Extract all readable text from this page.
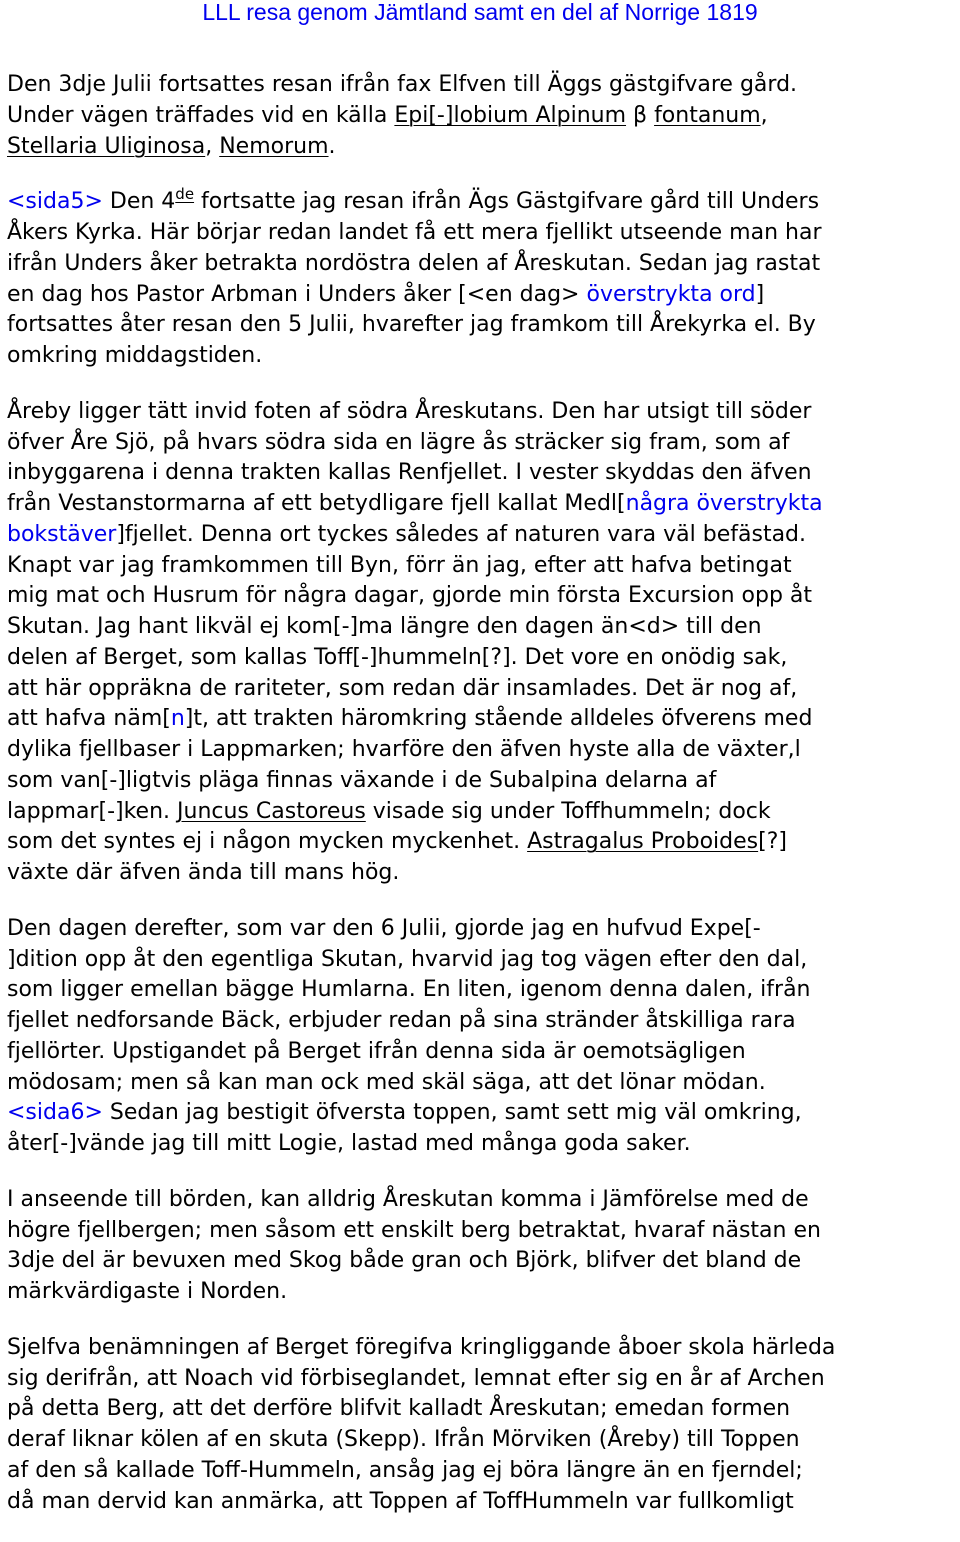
LLL resa genom Jämtland samt en del af Norrige 1819
Den 3dje Julii fortsattes resan ifrån fax Elfven till Äggs gästgifvare gård.
Under vägen träffades vid en källa Epi[-]lobium Alpinum β fontanum,
Stellaria Uliginosa, Nemorum.
<sida5> Den 4de fortsatte jag resan ifrån Ägs Gästgifvare gård till Unders
Åkers Kyrka. Här börjar redan landet få ett mera fjellikt utseende man har
ifrån Unders åker betrakta nordöstra delen af Åreskutan. Sedan jag rastat
en dag hos Pastor Arbman i Unders åker [<en dag> överstrykta ord]
fortsattes åter resan den 5 Julii, hvarefter jag framkom till Årekyrka el. By
omkring middagstiden.
Åreby ligger tätt invid foten af södra Åreskutans. Den har utsigt till söder
öfver Åre Sjö, på hvars södra sida en lägre ås sträcker sig fram, som af
inbyggarena i denna trakten kallas Renfjellet. I vester skyddas den äfven
från Vestanstormarna af ett betydligare fjell kallat Medl[några överstrykta
bokstäver]fjellet. Denna ort tyckes således af naturen vara väl befästad.
Knapt var jag framkommen till Byn, förr än jag, efter att hafva betingat
mig mat och Husrum för några dagar, gjorde min första Excursion opp åt
Skutan. Jag hant likväl ej kom[-]ma längre den dagen än<d> till den
delen af Berget, som kallas Toff[-]hummeln[?]. Det vore en onödig sak,
att här oppräkna de rariteter, som redan där insamlades. Det är nog af,
att hafva näm[n]t, att trakten häromkring stående alldeles öfverens med
dylika fjellbaser i Lappmarken; hvarföre den äfven hyste alla de växter,l
som van[-]ligtvis pläga finnas växande i de Subalpina delarna af
lappmar[-]ken. Juncus Castoreus visade sig under Toffhummeln; dock
som det syntes ej i någon mycken myckenhet. Astragalus Proboides[?]
växte där äfven ända till mans hög.
Den dagen derefter, som var den 6 Julii, gjorde jag en hufvud Expe[-
]dition opp åt den egentliga Skutan, hvarvid jag tog vägen efter den dal,
som ligger emellan bägge Humlarna. En liten, igenom denna dalen, ifrån
fjellet nedforsande Bäck, erbjuder redan på sina stränder åtskilliga rara
fjellörter. Upstigandet på Berget ifrån denna sida är oemotsägligen
mödosam; men så kan man ock med skäl säga, att det lönar mödan.
<sida6> Sedan jag bestigit öfversta toppen, samt sett mig väl omkring,
åter[-]vände jag till mitt Logie, lastad med många goda saker.
I anseende till börden, kan alldrig Åreskutan komma i Jämförelse med de
högre fjellbergen; men såsom ett enskilt berg betraktat, hvaraf nästan en
3dje del är bevuxen med Skog både gran och Björk, blifver det bland de
märkvärdigaste i Norden.
Sjelfva benämningen af Berget föregifva kringliggande åboer skola härleda
sig derifrån, att Noach vid förbiseglandet, lemnat efter sig en år af Archen
på detta Berg, att det derföre blifvit kalladt Åreskutan; emedan formen
deraf liknar kölen af en skuta (Skepp). Ifrån Mörviken (Åreby) till Toppen
af den så kallade Toff-Hummeln, ansåg jag ej böra längre än en fjerndel;
då man dervid kan anmärka, att Toppen af ToffHummeln var fullkomligt
